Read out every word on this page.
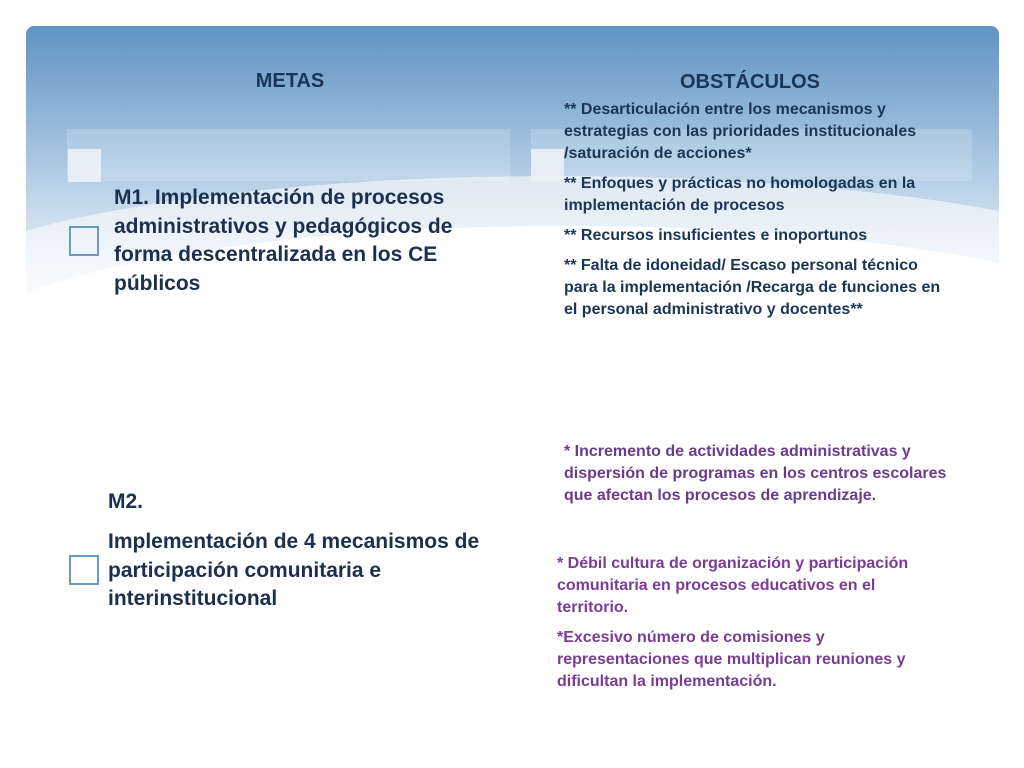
METAS	OBSTÁCULOS

** Desarticulación entre los mecanismos y estrategias con las prioridades institucionales /saturación de acciones*

** Enfoques y prácticas no homologadas en la implementación de procesos

** Recursos insuficientes e inoportunos

** Falta de idoneidad/ Escaso personal técnico para la implementación /Recarga de funciones en el personal administrativo y docentes**

M1. Implementación de procesos administrativos y pedagógicos de forma descentralizada en los CE públicos

* Incremento de actividades administrativas y dispersión de programas en los centros escolares que afectan los procesos de aprendizaje.

M2.
Implementación de 4 mecanismos de participación comunitaria e interinstitucional

* Débil cultura de organización y participación comunitaria en procesos educativos en el territorio.

*Excesivo número de comisiones y representaciones que multiplican reuniones y dificultan la implementación.
